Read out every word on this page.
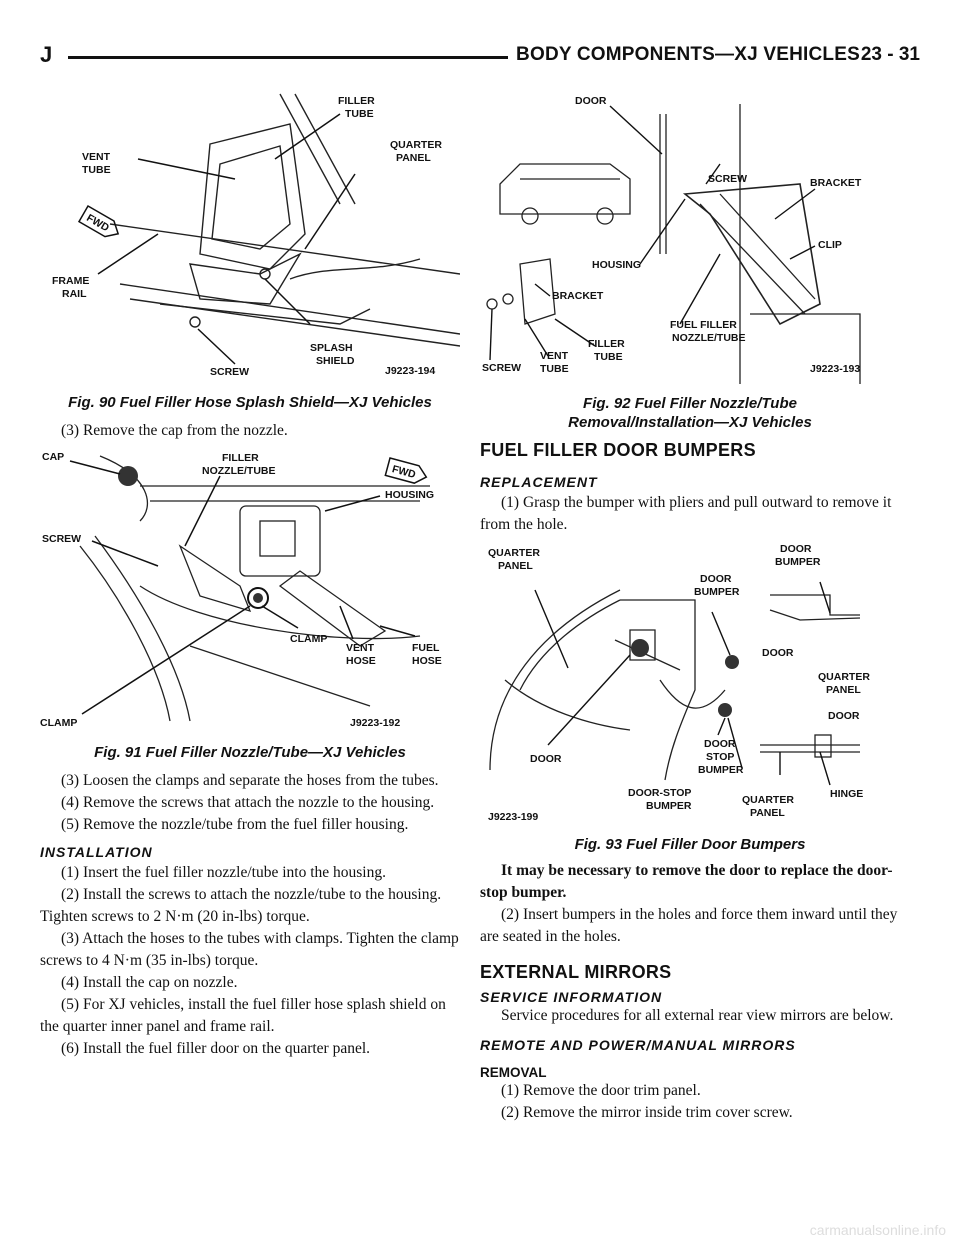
J	BODY COMPONENTS—XJ VEHICLES 23 - 31
FILLER
TUBE
QUARTER
PANEL
VENT
TUBE
FWD
FRAME
RAIL
SCREW
SPLASH
SHIELD
J9223-194
Fig. 90 Fuel Filler Hose Splash Shield—XJ Vehicles
DOOR
SCREW	BRACKET
HOUSING
CLIP
BRACKET
FUEL FILLER
NOZZLE/TUBE
SCREW
VENT
TUBE
FILLER
TUBE
J9223-193
Fig. 92 Fuel Filler Nozzle/Tube
Removal/Installation—XJ Vehicles
(3) Remove the cap from the nozzle.
CAP	FILLER
NOZZLE/TUBE	FWD
HOUSING
SCREW
CLAMP
VENT
HOSE
FUEL
HOSE
CLAMP	J9223-192
Fig. 91 Fuel Filler Nozzle/Tube—XJ Vehicles
(3) Loosen the clamps and separate the hoses from the tubes.
(4) Remove the screws that attach the nozzle to the housing.
(5) Remove the nozzle/tube from the fuel filler housing.
INSTALLATION
(1) Insert the fuel filler nozzle/tube into the housing.
(2) Install the screws to attach the nozzle/tube to the housing. Tighten screws to 2 N·m (20 in-lbs) torque.
(3) Attach the hoses to the tubes with clamps. Tighten the clamp screws to 4 N·m (35 in-lbs) torque.
(4) Install the cap on nozzle.
(5) For XJ vehicles, install the fuel filler hose splash shield on the quarter inner panel and frame rail.
(6) Install the fuel filler door on the quarter panel.
FUEL FILLER DOOR BUMPERS
REPLACEMENT
(1) Grasp the bumper with pliers and pull outward to remove it from the hole.
QUARTER
PANEL
DOOR
BUMPER
DOOR
BUMPER
DOOR
QUARTER
PANEL
DOOR
DOOR
STOP
BUMPER
DOOR
DOOR-STOP
BUMPER	QUARTER
PANEL
HINGE
J9223-199
Fig. 93 Fuel Filler Door Bumpers
It may be necessary to remove the door to replace the door-stop bumper.
(2) Insert bumpers in the holes and force them inward until they are seated in the holes.
EXTERNAL MIRRORS
SERVICE INFORMATION
Service procedures for all external rear view mirrors are below.
REMOTE AND POWER/MANUAL MIRRORS
REMOVAL
(1) Remove the door trim panel.
(2) Remove the mirror inside trim cover screw.
carmanualsonline.info
